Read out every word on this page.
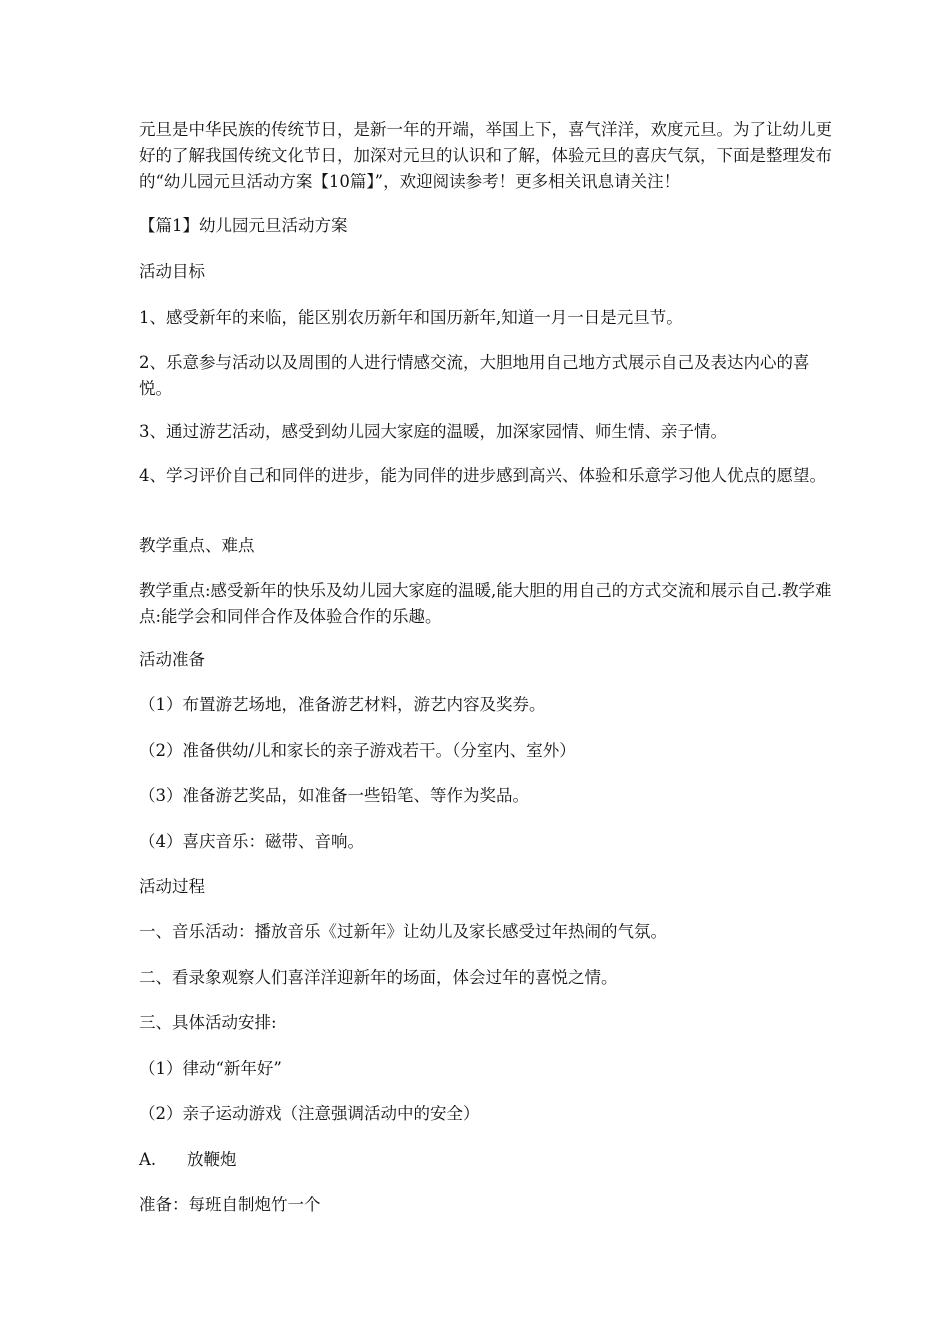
元旦是中华民族的传统节日，是新一年的开端，举国上下，喜气洋洋，欢度元旦。为了让幼儿更好的了解我国传统文化节日，加深对元旦的认识和了解，体验元旦的喜庆气氛，下面是整理发布的“幼儿园元旦活动方案【10篇】”，欢迎阅读参考！更多相关讯息请关注！

【篇1】幼儿园元旦活动方案

活动目标

1、感受新年的来临，能区别农历新年和国历新年,知道一月一日是元旦节。

2、乐意参与活动以及周围的人进行情感交流，大胆地用自己地方式展示自己及表达内心的喜悦。

3、通过游艺活动，感受到幼儿园大家庭的温暖，加深家园情、师生情、亲子情。

4、学习评价自己和同伴的进步，能为同伴的进步感到高兴、体验和乐意学习他人优点的愿望。

教学重点、难点

教学重点:感受新年的快乐及幼儿园大家庭的温暖,能大胆的用自己的方式交流和展示自己.教学难点:能学会和同伴合作及体验合作的乐趣。

活动准备

（1）布置游艺场地，准备游艺材料，游艺内容及奖券。

（2）准备供幼/儿和家长的亲子游戏若干。（分室内、室外）

（3）准备游艺奖品，如准备一些铅笔、等作为奖品。

（4）喜庆音乐：磁带、音响。

活动过程

一、音乐活动：播放音乐《过新年》让幼儿及家长感受过年热闹的气氛。

二、看录象观察人们喜洋洋迎新年的场面，体会过年的喜悦之情。

三、具体活动安排:

（1）律动“新年好”

（2）亲子运动游戏（注意强调活动中的安全）

A. 放鞭炮

准备：每班自制炮竹一个
